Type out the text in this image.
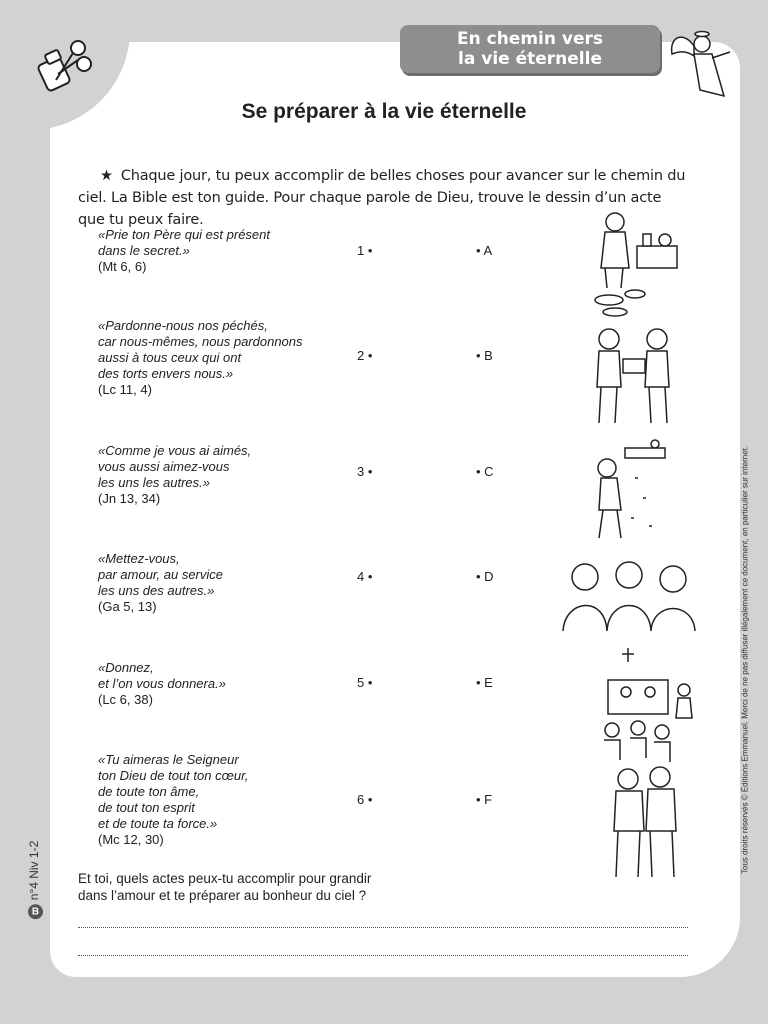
En chemin vers
la vie éternelle
Se préparer à la vie éternelle
★ Chaque jour, tu peux accomplir de belles choses pour avancer sur le chemin du ciel. La Bible est ton guide. Pour chaque parole de Dieu, trouve le dessin d’un acte que tu peux faire.
«Prie ton Père qui est présent
dans le secret.»
(Mt 6, 6)
1 •	• A
«Pardonne-nous nos péchés,
car nous-mêmes, nous pardonnons
aussi à tous ceux qui ont
des torts envers nous.»
(Lc 11, 4)
2 •	• B
«Comme je vous ai aimés,
vous aussi aimez-vous
les uns les autres.»
(Jn 13, 34)
3 •	• C
«Mettez-vous,
par amour, au service
les uns des autres.»
(Ga 5, 13)
4 •	• D
«Donnez,
et l’on vous donnera.»
(Lc 6, 38)
5 •	• E
«Tu aimeras le Seigneur
ton Dieu de tout ton cœur,
de toute ton âme,
de tout ton esprit
et de toute ta force.»
(Mc 12, 30)
6 •	• F
Et toi, quels actes peux-tu accomplir pour grandir
dans l’amour et te préparer au bonheur du ciel ?
Tous droits réservés © Éditions Emmanuel. Merci de ne pas diffuser illégalement ce document, en particulier sur internet.
Bn°4 Niv 1-2
